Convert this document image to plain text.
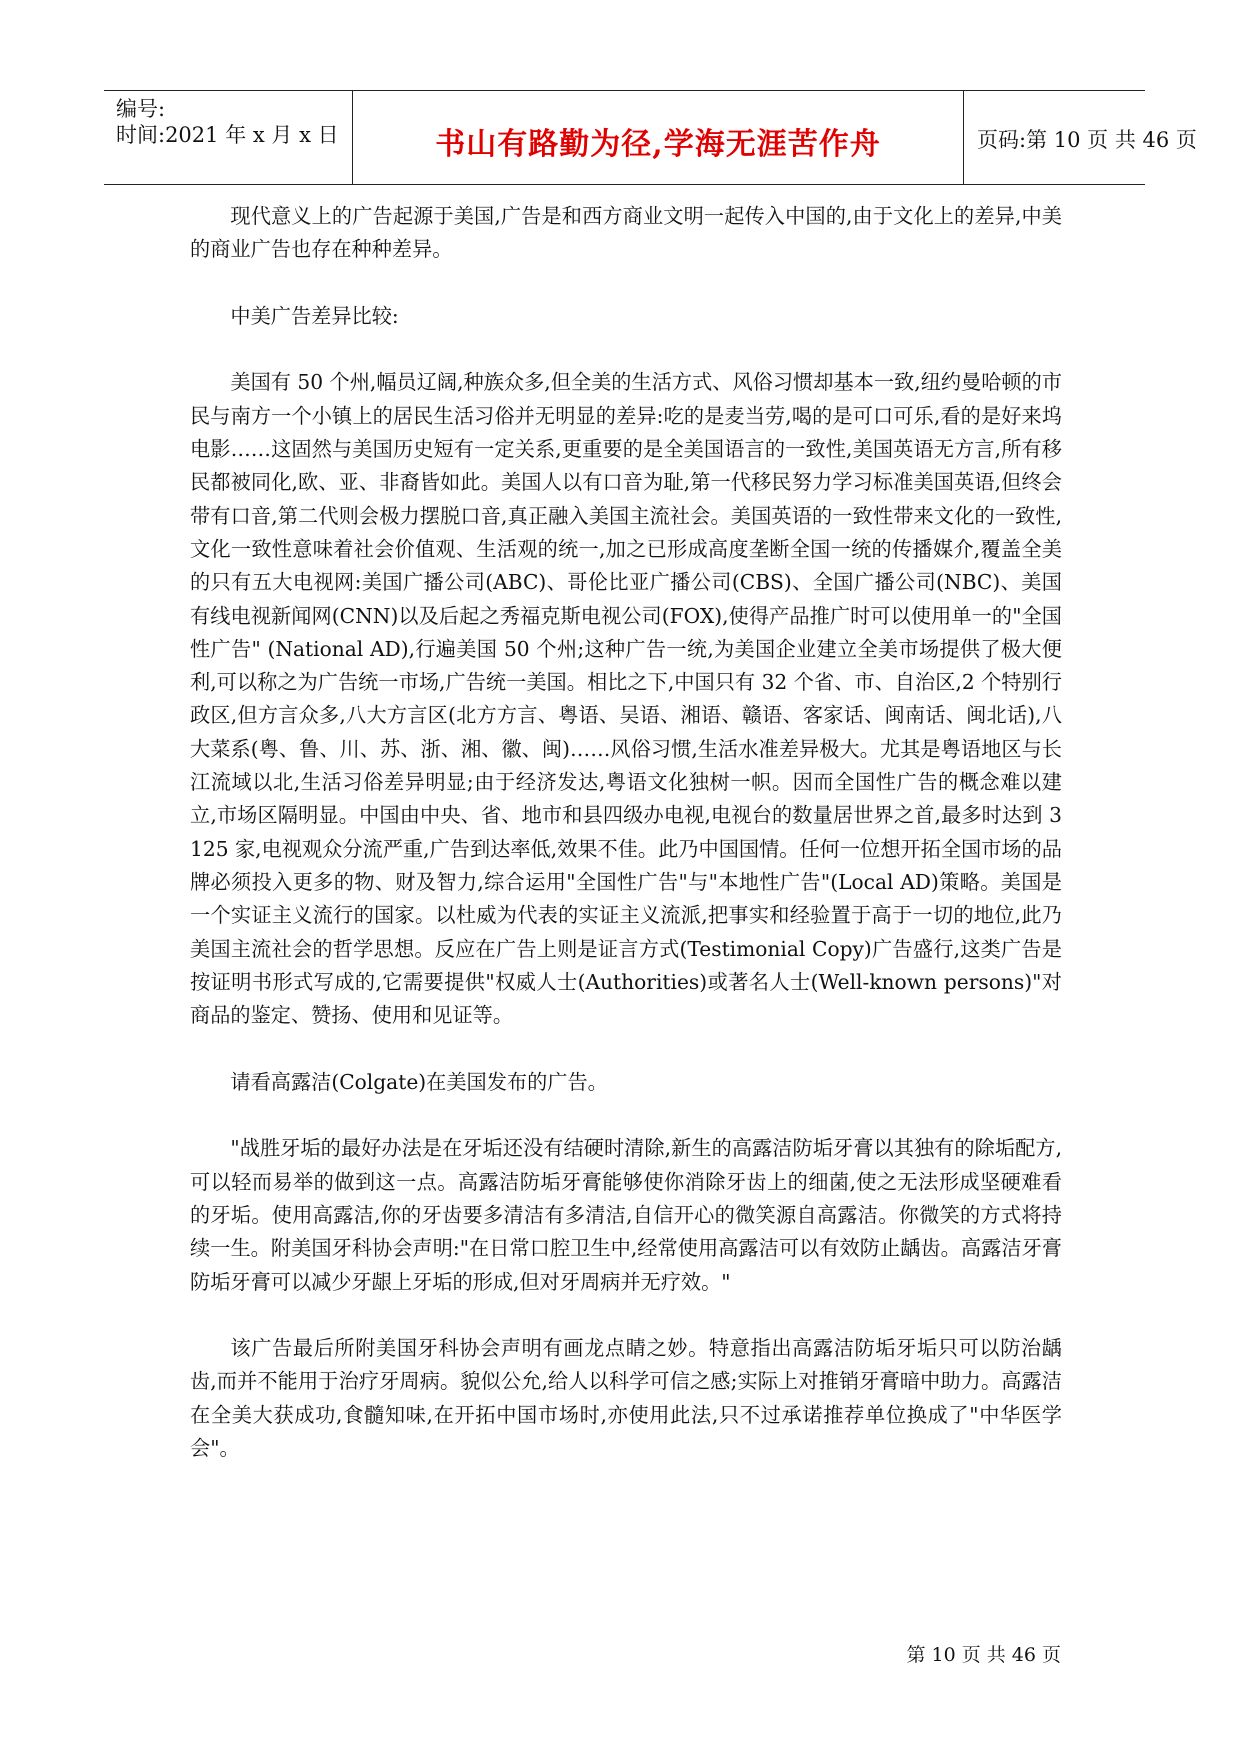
编号:
时间:2021 年 x 月 x 日	书山有路勤为径,学海无涯苦作舟	页码:第 10 页 共 46 页

现代意义上的广告起源于美国,广告是和西方商业文明一起传入中国的,由于文化上的差异,中美的商业广告也存在种种差异。

中美广告差异比较:

美国有 50 个州,幅员辽阔,种族众多,但全美的生活方式、风俗习惯却基本一致,纽约曼哈顿的市民与南方一个小镇上的居民生活习俗并无明显的差异:吃的是麦当劳,喝的是可口可乐,看的是好来坞电影……这固然与美国历史短有一定关系,更重要的是全美国语言的一致性,美国英语无方言,所有移民都被同化,欧、亚、非裔皆如此。美国人以有口音为耻,第一代移民努力学习标准美国英语,但终会带有口音,第二代则会极力摆脱口音,真正融入美国主流社会。美国英语的一致性带来文化的一致性,文化一致性意味着社会价值观、生活观的统一,加之已形成高度垄断全国一统的传播媒介,覆盖全美的只有五大电视网:美国广播公司(ABC)、哥伦比亚广播公司(CBS)、全国广播公司(NBC)、美国有线电视新闻网(CNN)以及后起之秀福克斯电视公司(FOX),使得产品推广时可以使用单一的"全国性广告" (National AD),行遍美国 50 个州;这种广告一统,为美国企业建立全美市场提供了极大便利,可以称之为广告统一市场,广告统一美国。相比之下,中国只有 32 个省、市、自治区,2 个特别行政区,但方言众多,八大方言区(北方方言、粤语、吴语、湘语、赣语、客家话、闽南话、闽北话),八大菜系(粤、鲁、川、苏、浙、湘、徽、闽)……风俗习惯,生活水准差异极大。尤其是粤语地区与长江流域以北,生活习俗差异明显;由于经济发达,粤语文化独树一帜。因而全国性广告的概念难以建立,市场区隔明显。中国由中央、省、地市和县四级办电视,电视台的数量居世界之首,最多时达到 3125 家,电视观众分流严重,广告到达率低,效果不佳。此乃中国国情。任何一位想开拓全国市场的品牌必须投入更多的物、财及智力,综合运用"全国性广告"与"本地性广告"(Local AD)策略。美国是一个实证主义流行的国家。以杜威为代表的实证主义流派,把事实和经验置于高于一切的地位,此乃美国主流社会的哲学思想。反应在广告上则是证言方式(Testimonial Copy)广告盛行,这类广告是按证明书形式写成的,它需要提供"权威人士(Authorities)或著名人士(Well-known persons)"对商品的鉴定、赞扬、使用和见证等。

请看高露洁(Colgate)在美国发布的广告。

"战胜牙垢的最好办法是在牙垢还没有结硬时清除,新生的高露洁防垢牙膏以其独有的除垢配方,可以轻而易举的做到这一点。高露洁防垢牙膏能够使你消除牙齿上的细菌,使之无法形成坚硬难看的牙垢。使用高露洁,你的牙齿要多清洁有多清洁,自信开心的微笑源自高露洁。你微笑的方式将持续一生。附美国牙科协会声明:"在日常口腔卫生中,经常使用高露洁可以有效防止龋齿。高露洁牙膏防垢牙膏可以减少牙龈上牙垢的形成,但对牙周病并无疗效。"

该广告最后所附美国牙科协会声明有画龙点睛之妙。特意指出高露洁防垢牙垢只可以防治龋齿,而并不能用于治疗牙周病。貌似公允,给人以科学可信之感;实际上对推销牙膏暗中助力。高露洁在全美大获成功,食髓知味,在开拓中国市场时,亦使用此法,只不过承诺推荐单位换成了"中华医学会"。

第 10 页 共 46 页
